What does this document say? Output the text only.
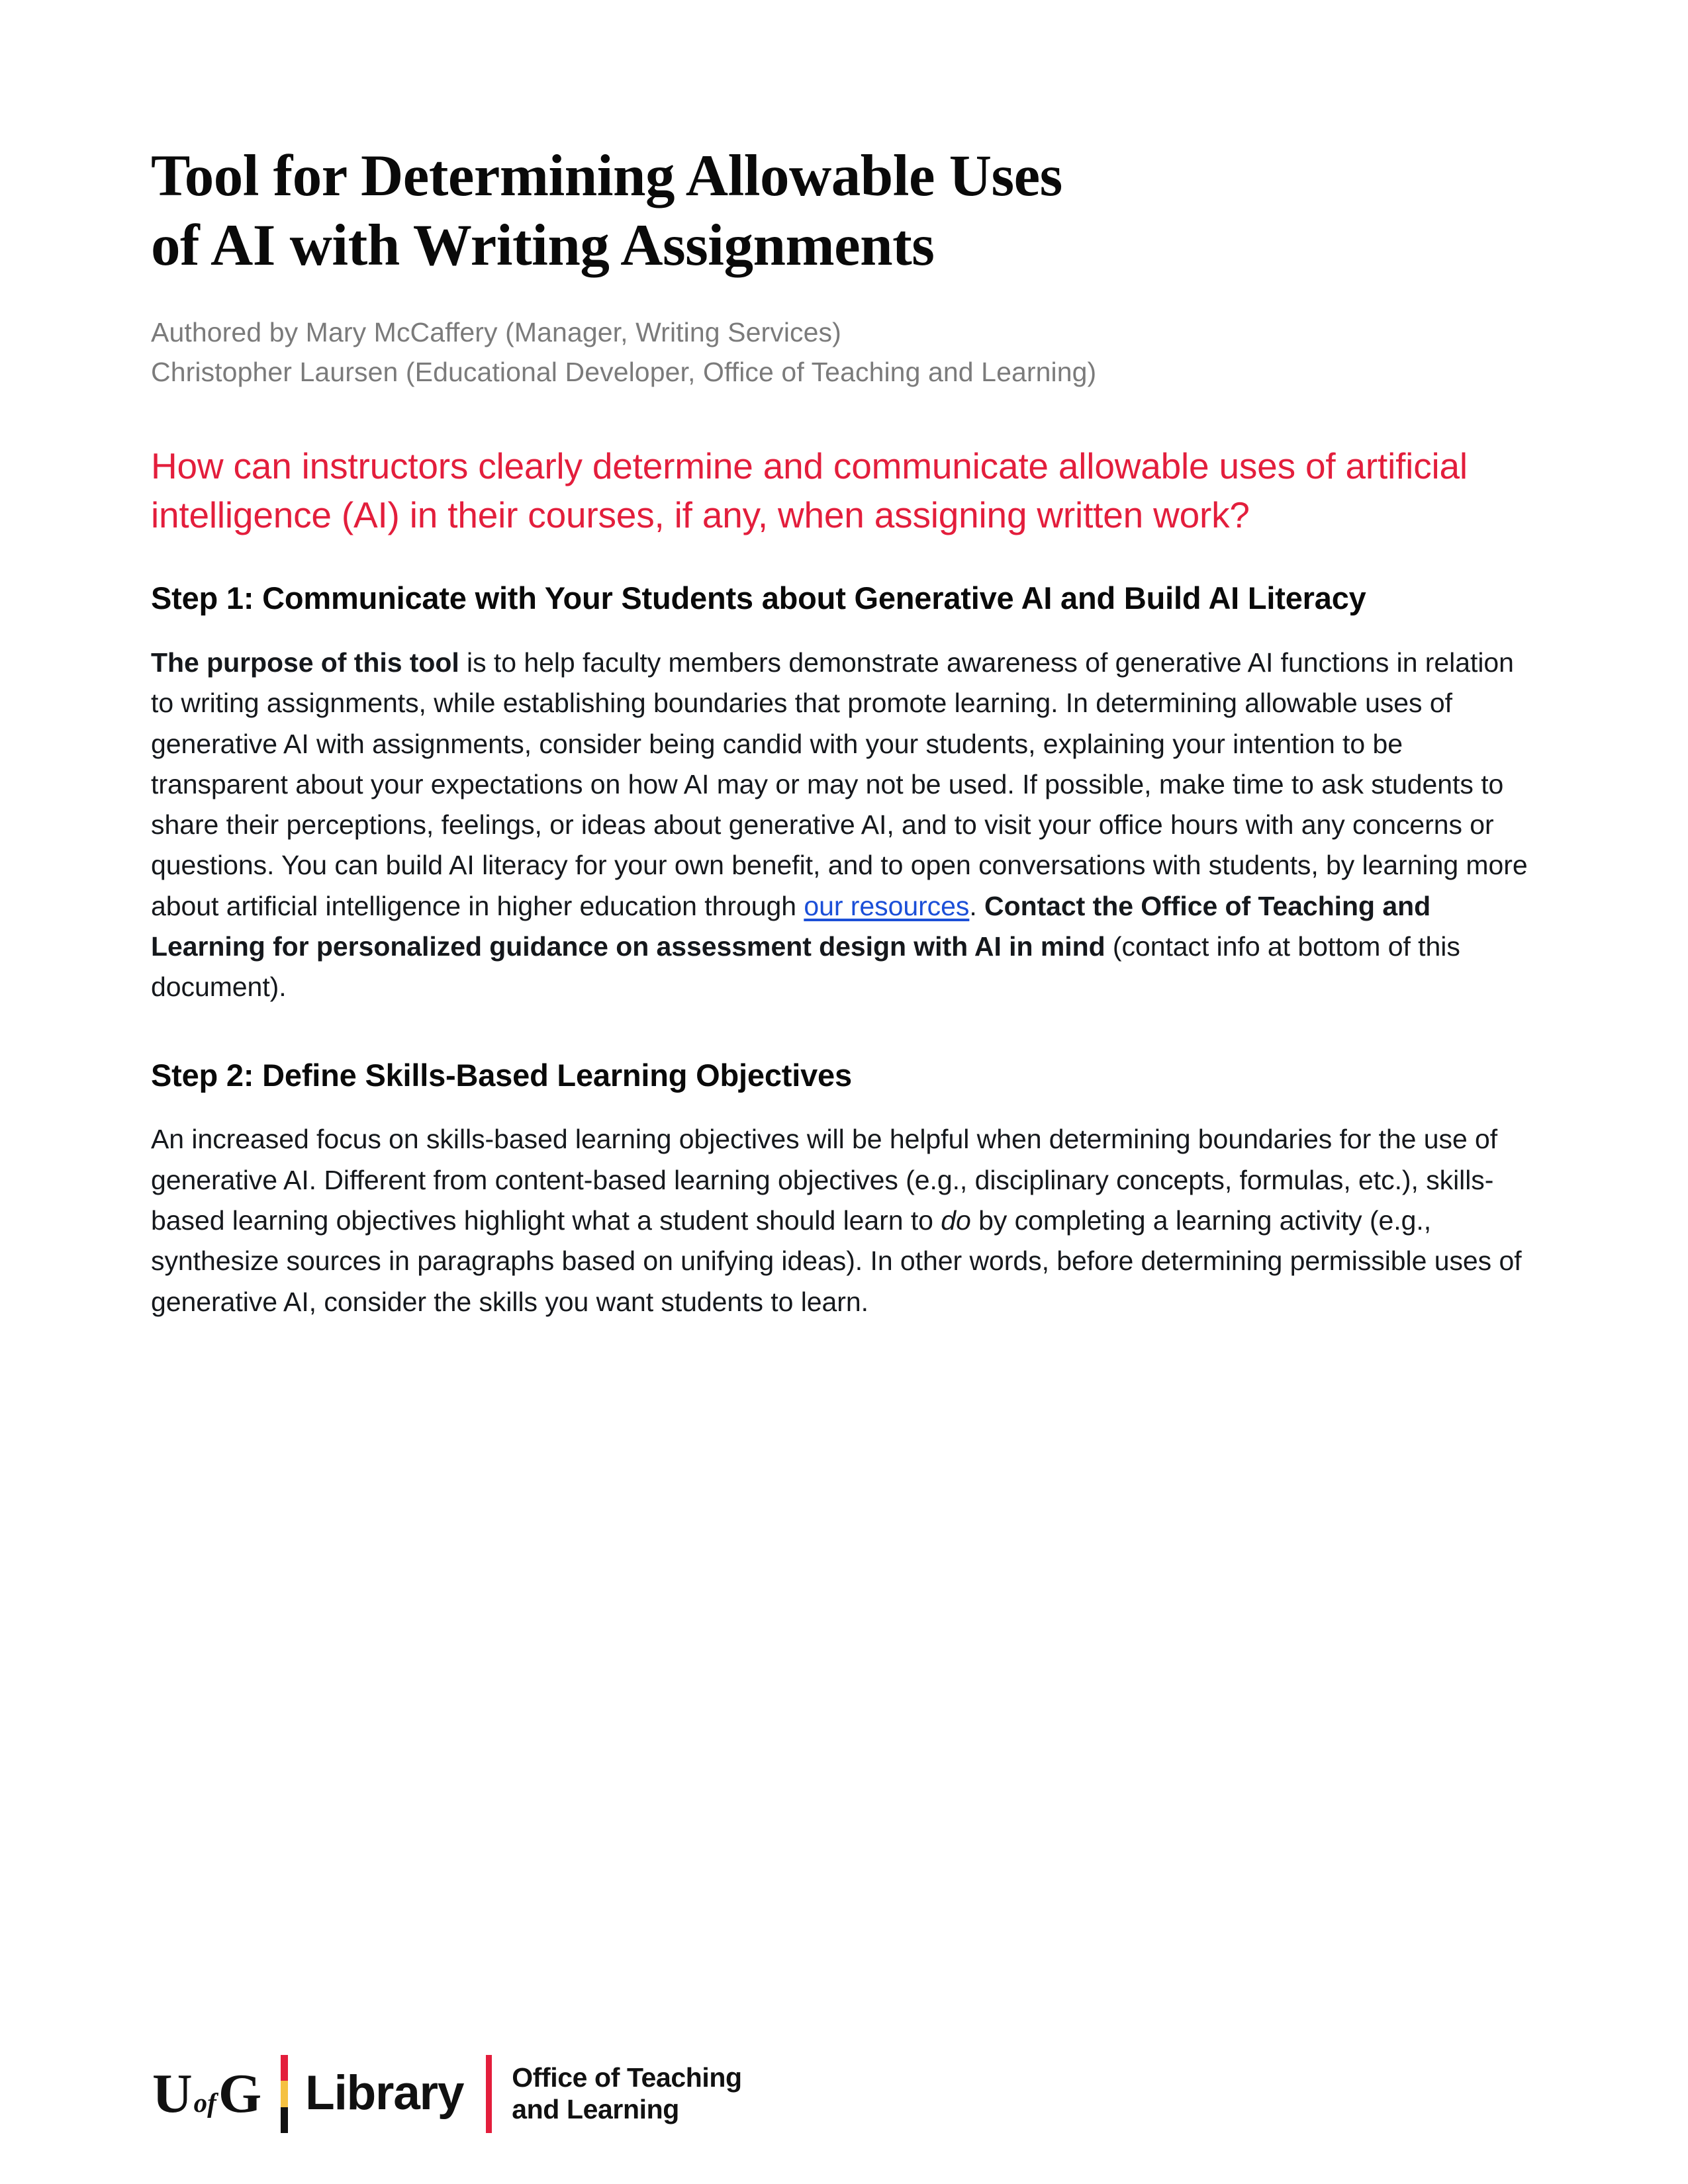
Tool for Determining Allowable Uses
of AI with Writing Assignments
Authored by Mary McCaffery (Manager, Writing Services)
Christopher Laursen (Educational Developer, Office of Teaching and Learning)
How can instructors clearly determine and communicate allowable uses of artificial intelligence (AI) in their courses, if any, when assigning written work?
Step 1: Communicate with Your Students about Generative AI and Build AI Literacy

The purpose of this tool is to help faculty members demonstrate awareness of generative AI functions in relation to writing assignments, while establishing boundaries that promote learning. In determining allowable uses of generative AI with assignments, consider being candid with your students, explaining your intention to be transparent about your expectations on how AI may or may not be used. If possible, make time to ask students to share their perceptions, feelings, or ideas about generative AI, and to visit your office hours with any concerns or questions. You can build AI literacy for your own benefit, and to open conversations with students, by learning more about artificial intelligence in higher education through our resources. Contact the Office of Teaching and Learning for personalized guidance on assessment design with AI in mind (contact info at bottom of this document).

Step 2: Define Skills-Based Learning Objectives

An increased focus on skills-based learning objectives will be helpful when determining boundaries for the use of generative AI. Different from content-based learning objectives (e.g., disciplinary concepts, formulas, etc.), skills-based learning objectives highlight what a student should learn to do by completing a learning activity (e.g., synthesize sources in paragraphs based on unifying ideas). In other words, before determining permissible uses of generative AI, consider the skills you want students to learn.

U of G Library Office of Teaching
and Learning
